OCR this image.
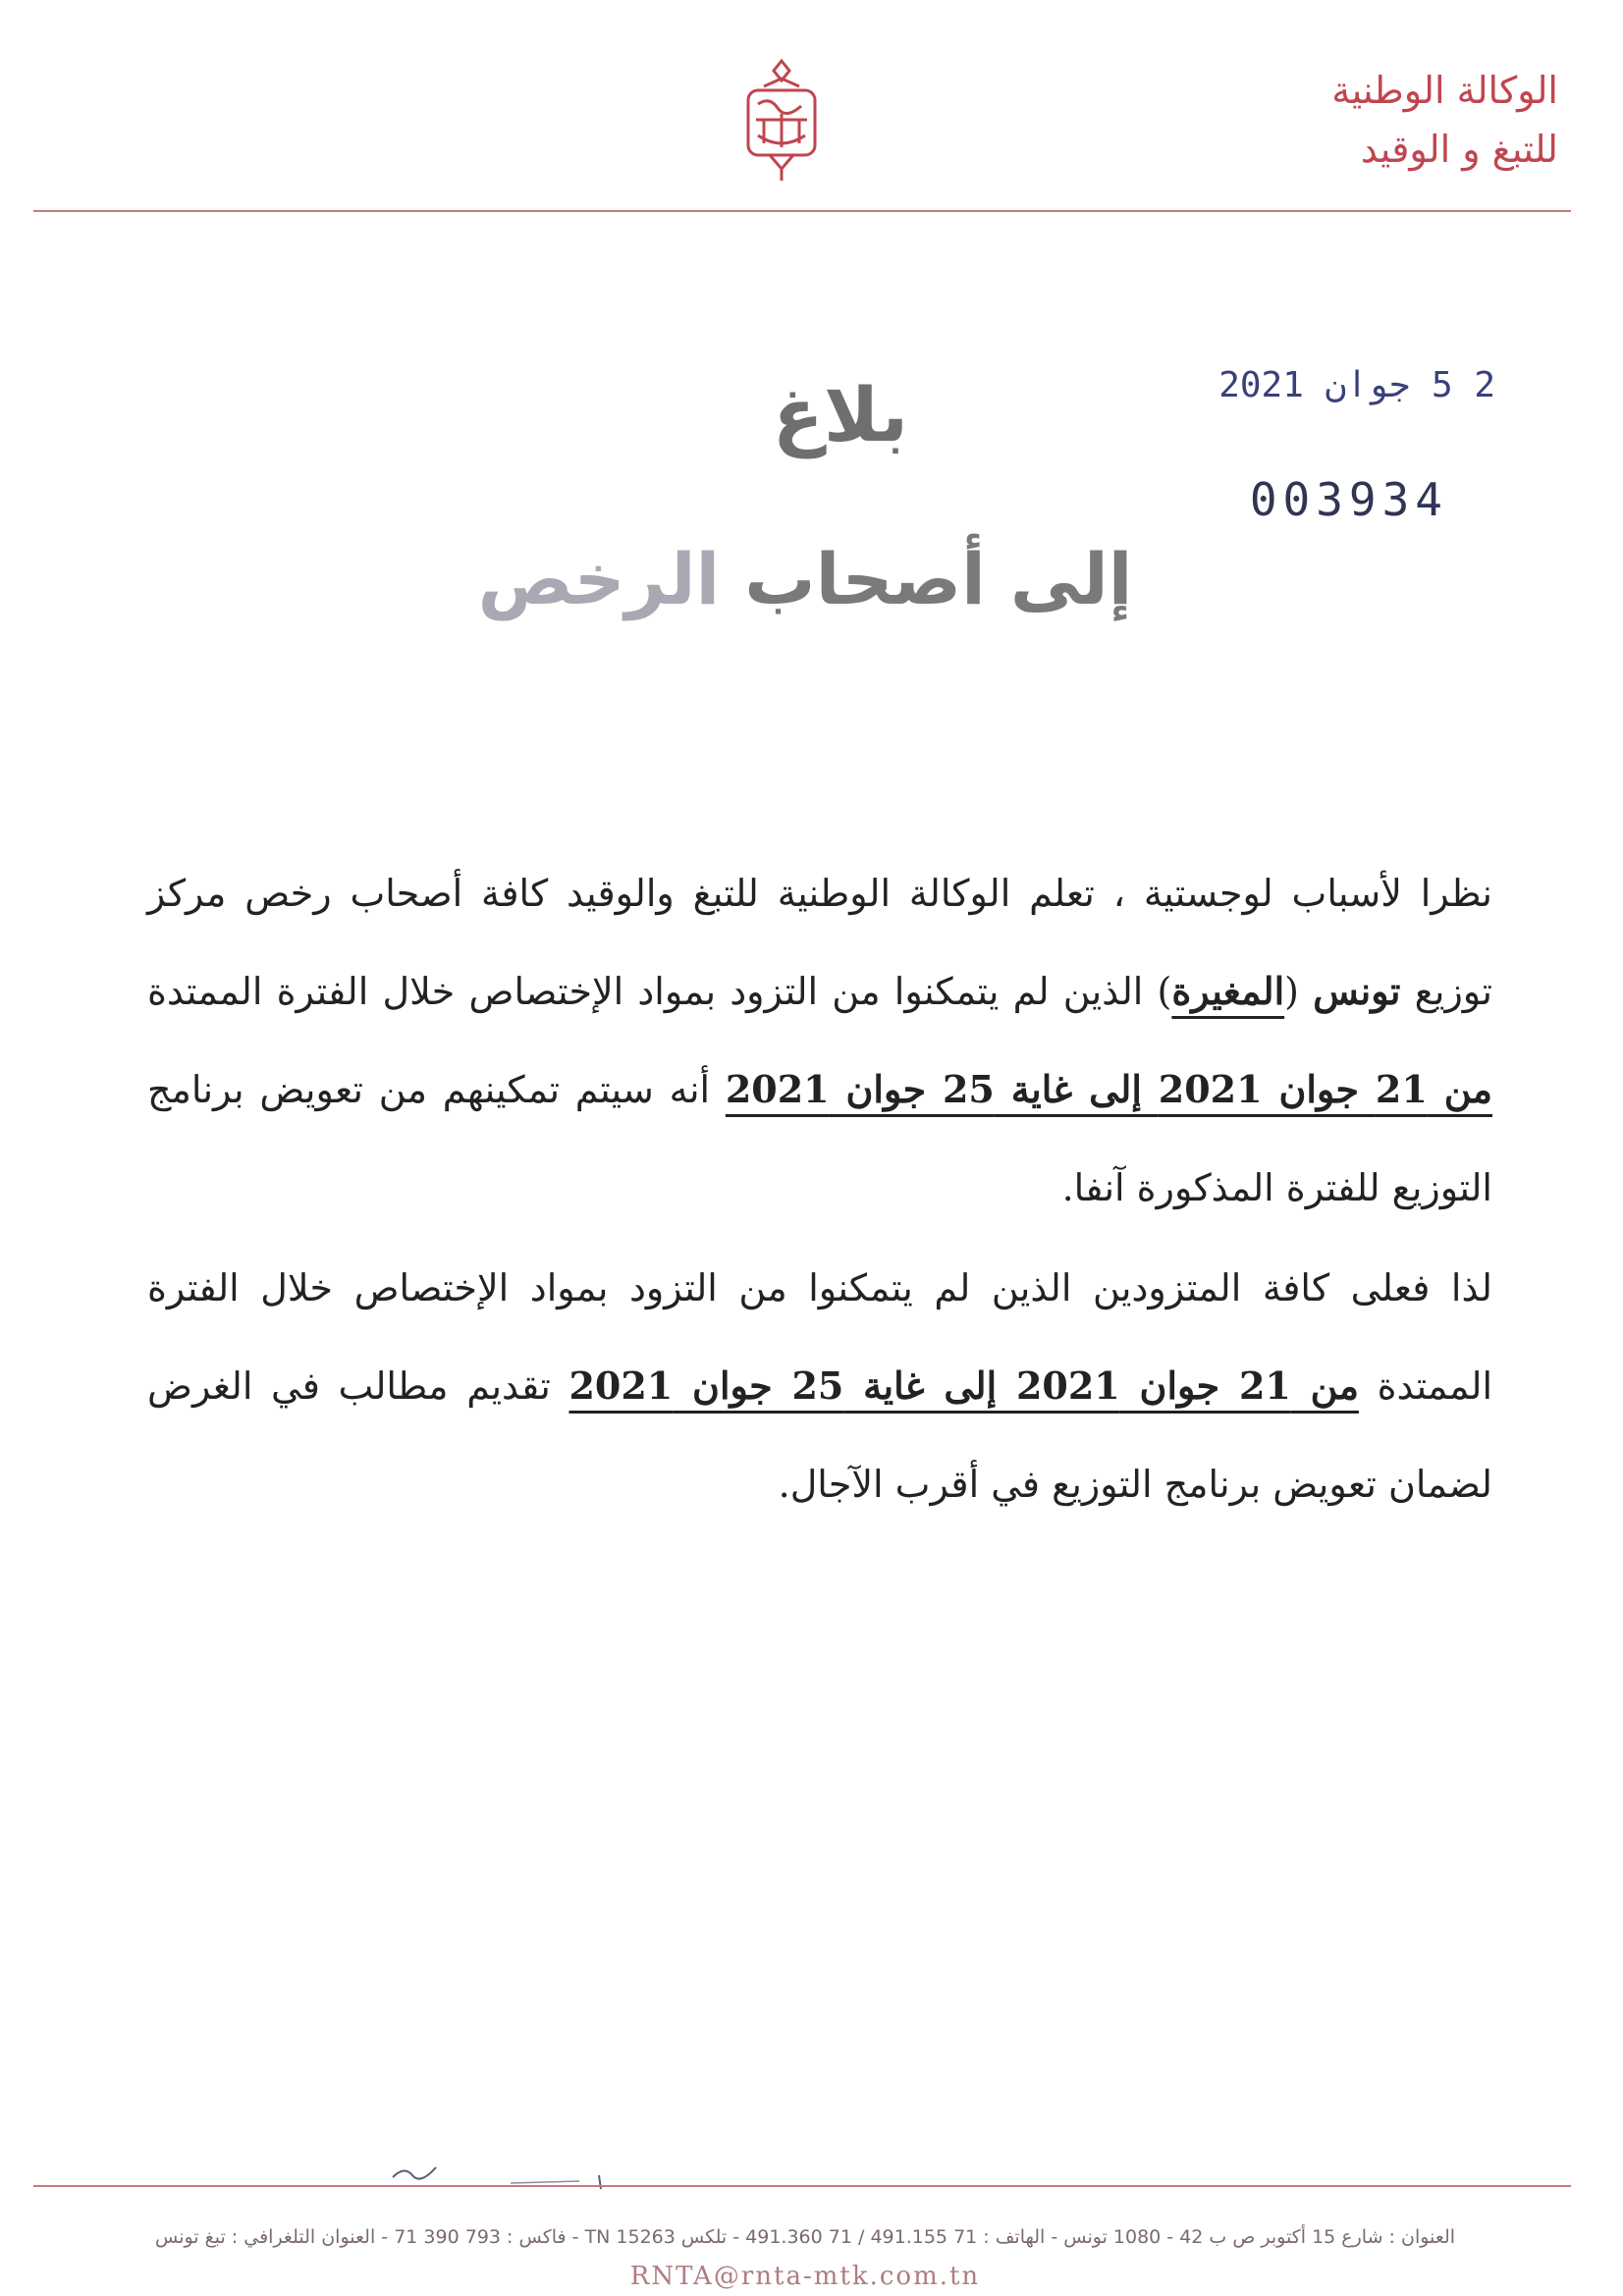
الوكالة الوطنية
للتبغ و الوقيد
2 5 جوان 2021
003934
بلاغ
إلى أصحاب الرخص
نظرا لأسباب لوجستية ، تعلم الوكالة الوطنية للتبغ والوقيد كافة أصحاب رخص مركز توزيع تونس (المغيرة) الذين لم يتمكنوا من التزود بمواد الإختصاص خلال الفترة الممتدة من 21 جوان 2021 إلى غاية 25 جوان 2021 أنه سيتم تمكينهم من تعويض برنامج التوزيع للفترة المذكورة آنفا.
لذا فعلى كافة المتزودين الذين لم يتمكنوا من التزود بمواد الإختصاص خلال الفترة الممتدة من 21 جوان 2021 إلى غاية 25 جوان 2021 تقديم مطالب في الغرض لضمان تعويض برنامج التوزيع في أقرب الآجال.
العنوان : شارع 15 أكتوبر ص ب 42 - 1080 تونس - الهاتف : 71 491.155 / 71 491.360 - تلكس TN 15263 - فاكس : 793 390 71 - العنوان التلغرافي : تبغ تونس
RNTA@rnta-mtk.com.tn
